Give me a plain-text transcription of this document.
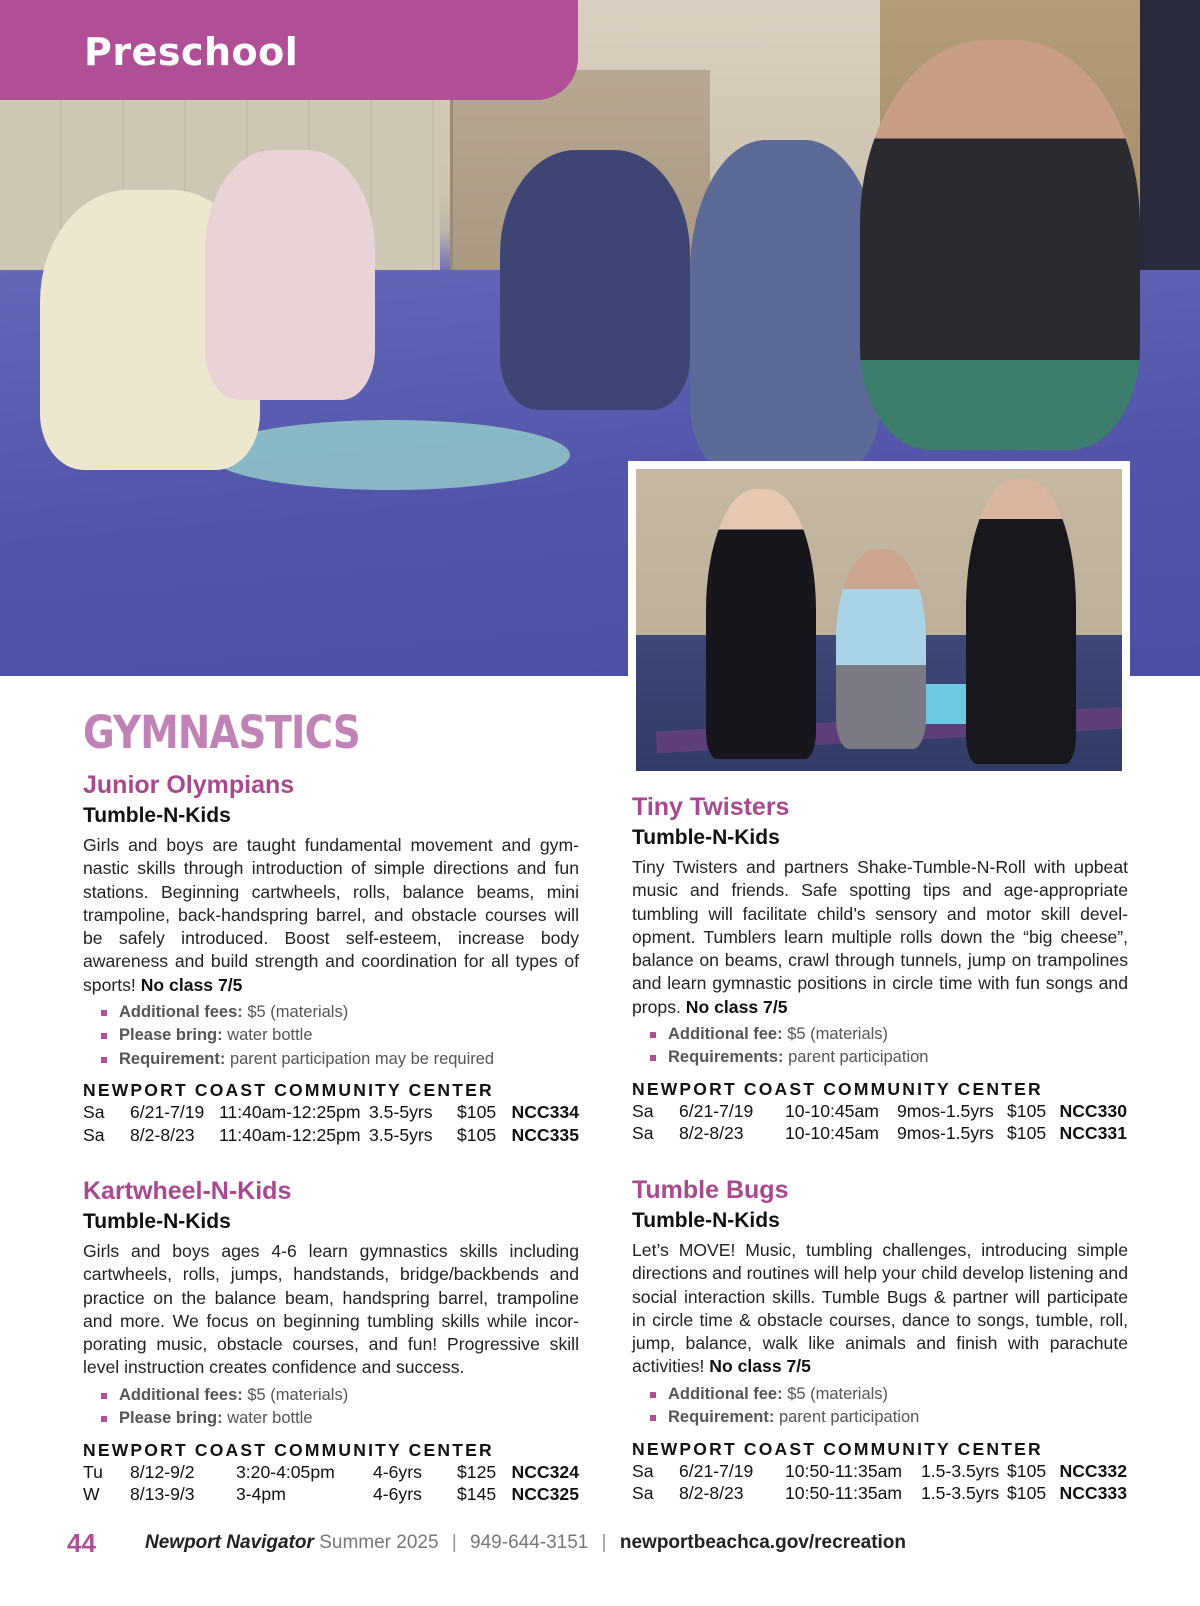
Preschool
GYMNASTICS
Junior Olympians
Tumble-N-Kids
Girls and boys are taught fundamental movement and gymnastic skills through introduction of simple directions and fun stations. Beginning cartwheels, rolls, balance beams, mini trampoline, back-handspring barrel, and obstacle courses will be safely introduced. Boost self-esteem, increase body awareness and build strength and coordination for all types of sports! No class 7/5
Additional fees: $5 (materials)
Please bring: water bottle
Requirement: parent participation may be required
NEWPORT COAST COMMUNITY CENTER
Sa	6/21-7/19	11:40am-12:25pm	3.5-5yrs	$105	NCC334
Sa	8/2-8/23	11:40am-12:25pm	3.5-5yrs	$105	NCC335
Kartwheel-N-Kids
Tumble-N-Kids
Girls and boys ages 4-6 learn gymnastics skills including cartwheels, rolls, jumps, handstands, bridge/backbends and practice on the balance beam, handspring barrel, trampoline and more. We focus on beginning tumbling skills while incorporating music, obstacle courses, and fun! Progressive skill level instruction creates confidence and success.
Additional fees: $5 (materials)
Please bring: water bottle
NEWPORT COAST COMMUNITY CENTER
Tu	8/12-9/2	3:20-4:05pm	4-6yrs	$125	NCC324
W	8/13-9/3	3-4pm	4-6yrs	$145	NCC325
Tiny Twisters
Tumble-N-Kids
Tiny Twisters and partners Shake-Tumble-N-Roll with upbeat music and friends. Safe spotting tips and age-appropriate tumbling will facilitate child’s sensory and motor skill development. Tumblers learn multiple rolls down the “big cheese”, balance on beams, crawl through tunnels, jump on trampolines and learn gymnastic positions in circle time with fun songs and props. No class 7/5
Additional fee: $5 (materials)
Requirements: parent participation
NEWPORT COAST COMMUNITY CENTER
Sa	6/21-7/19	10-10:45am	9mos-1.5yrs	$105	NCC330
Sa	8/2-8/23	10-10:45am	9mos-1.5yrs	$105	NCC331
Tumble Bugs
Tumble-N-Kids
Let’s MOVE! Music, tumbling challenges, introducing simple directions and routines will help your child develop listening and social interaction skills. Tumble Bugs & partner will participate in circle time & obstacle courses, dance to songs, tumble, roll, jump, balance, walk like animals and finish with parachute activities! No class 7/5
Additional fee: $5 (materials)
Requirement: parent participation
NEWPORT COAST COMMUNITY CENTER
Sa	6/21-7/19	10:50-11:35am	1.5-3.5yrs	$105	NCC332
Sa	8/2-8/23	10:50-11:35am	1.5-3.5yrs	$105	NCC333
44	Newport Navigator Summer 2025 | 949-644-3151 | newportbeachca.gov/recreation
